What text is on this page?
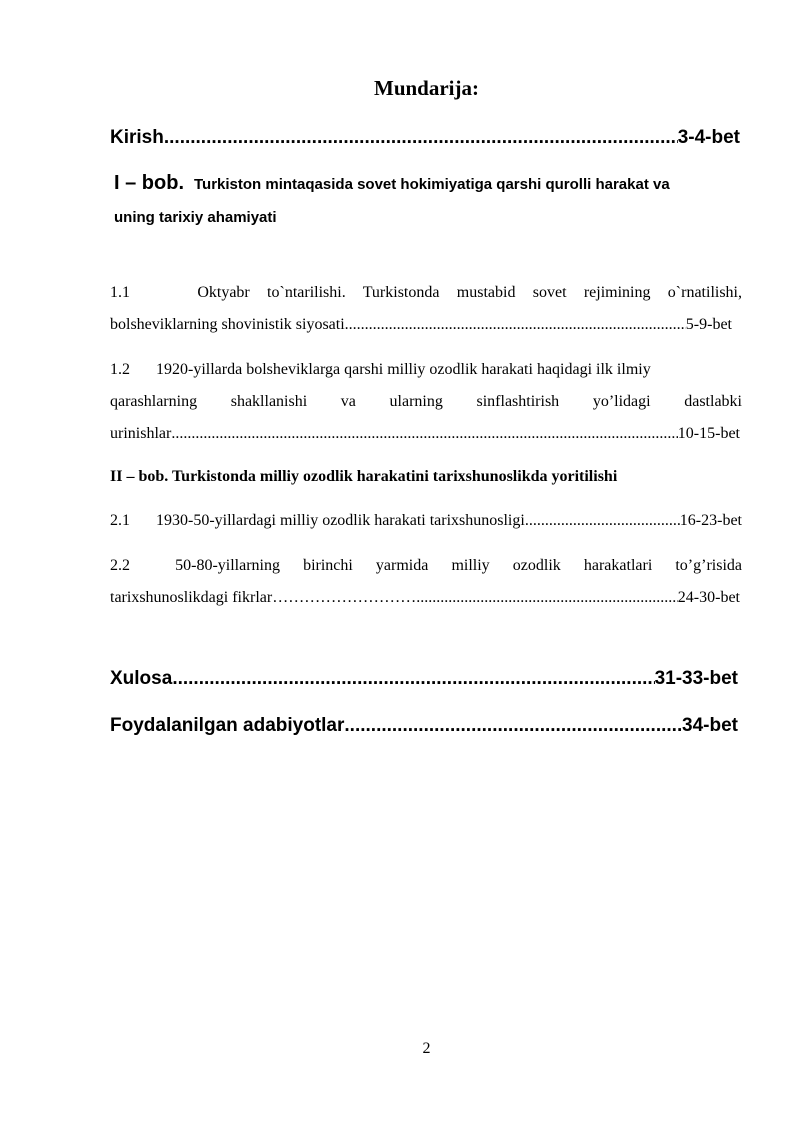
Mundarija:
Kirish .....	3-4-bet
I – bob. Turkiston mintaqasida sovet hokimiyatiga qarshi qurolli harakat va
uning tarixiy ahamiyati
1.1	Oktyabr to`ntarilishi. Turkistonda mustabid sovet rejimining o`rnatilishi,
bolsheviklarning shovinistik siyosati .....	5-9-bet
1.2 1920-yillarda bolsheviklarga qarshi milliy ozodlik harakati haqidagi ilk ilmiy
qarashlarning shakllanishi va ularning sinflashtirish yo’lidagi dastlabki
urinishlar .....	10-15-bet
II – bob. Turkistonda milliy ozodlik harakatini tarixshunoslikda yoritilishi
2.1 1930-50-yillardagi milliy ozodlik harakati tarixshunosligi .....	16-23-bet
2.2	50-80-yillarning birinchi yarmida milliy ozodlik harakatlari to’g’risida
tarixshunoslikdagi fikrlar ……………………… .....	24-30-bet
Xulosa .....	31-33-bet
Foydalanilgan adabiyotlar .....	34-bet
2
